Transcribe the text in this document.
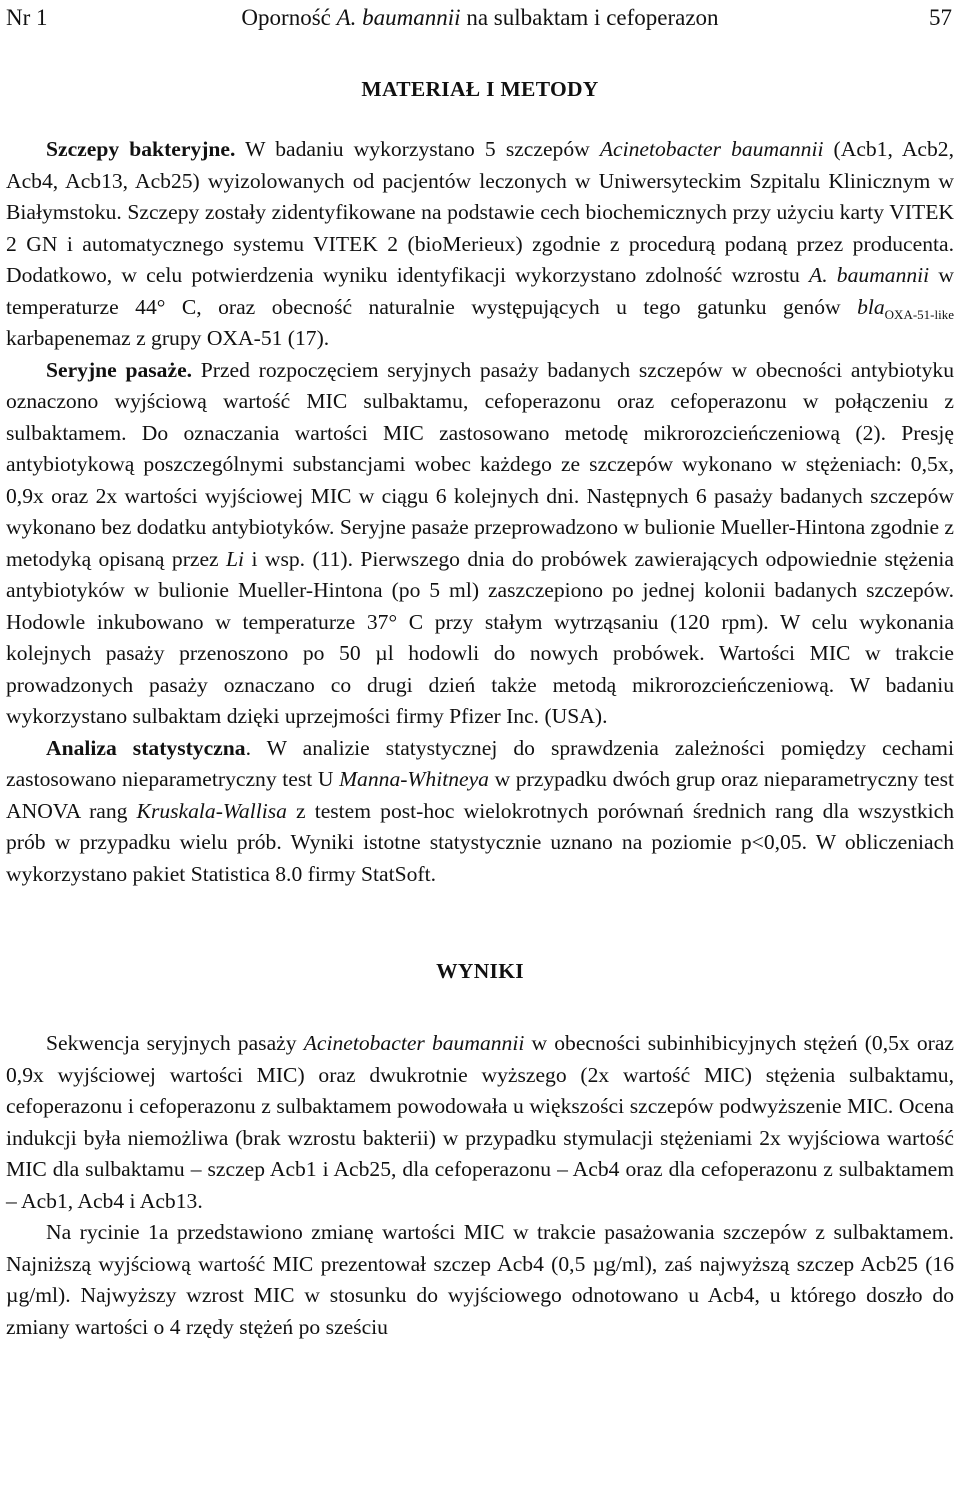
Nr 1	Oporność A. baumannii na sulbaktam i cefoperazon	57
MATERIAŁ I METODY

Szczepy bakteryjne. W badaniu wykorzystano 5 szczepów Acinetobacter baumannii (Acb1, Acb2, Acb4, Acb13, Acb25) wyizolowanych od pacjentów leczonych w Uniwersyteckim Szpitalu Klinicznym w Białymstoku. Szczepy zostały zidentyfikowane na podstawie cech biochemicznych przy użyciu karty VITEK 2 GN i automatycznego systemu VITEK 2 (bioMerieux) zgodnie z procedurą podaną przez producenta. Dodatkowo, w celu potwierdzenia wyniku identyfikacji wykorzystano zdolność wzrostu A. baumannii w temperaturze 44° C, oraz obecność naturalnie występujących u tego gatunku genów bla$_{OXA-51-like}$ karbapenemaz z grupy OXA-51 (17).

Seryjne pasaże. Przed rozpoczęciem seryjnych pasaży badanych szczepów w obecności antybiotyku oznaczono wyjściową wartość MIC sulbaktamu, cefoperazonu oraz cefoperazonu w połączeniu z sulbaktamem. Do oznaczania wartości MIC zastosowano metodę mikrorozcieńczeniową (2). Presję antybiotykową poszczególnymi substancjami wobec każdego ze szczepów wykonano w stężeniach: 0,5x, 0,9x oraz 2x wartości wyjściowej MIC w ciągu 6 kolejnych dni. Następnych 6 pasaży badanych szczepów wykonano bez dodatku antybiotyków. Seryjne pasaże przeprowadzono w bulionie Mueller-Hintona zgodnie z metodyką opisaną przez Li i wsp. (11). Pierwszego dnia do probówek zawierających odpowiednie stężenia antybiotyków w bulionie Mueller-Hintona (po 5 ml) zaszczepiono po jednej kolonii badanych szczepów. Hodowle inkubowano w temperaturze 37° C przy stałym wytrząsaniu (120 rpm). W celu wykonania kolejnych pasaży przenoszono po 50 µl hodowli do nowych probówek. Wartości MIC w trakcie prowadzonych pasaży oznaczano co drugi dzień także metodą mikrorozcieńczeniową. W badaniu wykorzystano sulbaktam dzięki uprzejmości firmy Pfizer Inc. (USA).

Analiza statystyczna. W analizie statystycznej do sprawdzenia zależności pomiędzy cechami zastosowano nieparametryczny test U Manna-Whitneya w przypadku dwóch grup oraz nieparametryczny test ANOVA rang Kruskala-Wallisa z testem post-hoc wielokrotnych porównań średnich rang dla wszystkich prób w przypadku wielu prób. Wyniki istotne statystycznie uznano na poziomie p<0,05. W obliczeniach wykorzystano pakiet Statistica 8.0 firmy StatSoft.

WYNIKI

Sekwencja seryjnych pasaży Acinetobacter baumannii w obecności subinhibicyjnych stężeń (0,5x oraz 0,9x wyjściowej wartości MIC) oraz dwukrotnie wyższego (2x wartość MIC) stężenia sulbaktamu, cefoperazonu i cefoperazonu z sulbaktamem powodowała u większości szczepów podwyższenie MIC. Ocena indukcji była niemożliwa (brak wzrostu bakterii) w przypadku stymulacji stężeniami 2x wyjściowa wartość MIC dla sulbaktamu – szczep Acb1 i Acb25, dla cefoperazonu – Acb4 oraz dla cefoperazonu z sulbaktamem – Acb1, Acb4 i Acb13.

Na rycinie 1a przedstawiono zmianę wartości MIC w trakcie pasażowania szczepów z sulbaktamem. Najniższą wyjściową wartość MIC prezentował szczep Acb4 (0,5 µg/ml), zaś najwyższą szczep Acb25 (16 µg/ml). Najwyższy wzrost MIC w stosunku do wyjściowego odnotowano u Acb4, u którego doszło do zmiany wartości o 4 rzędy stężeń po sześciu
